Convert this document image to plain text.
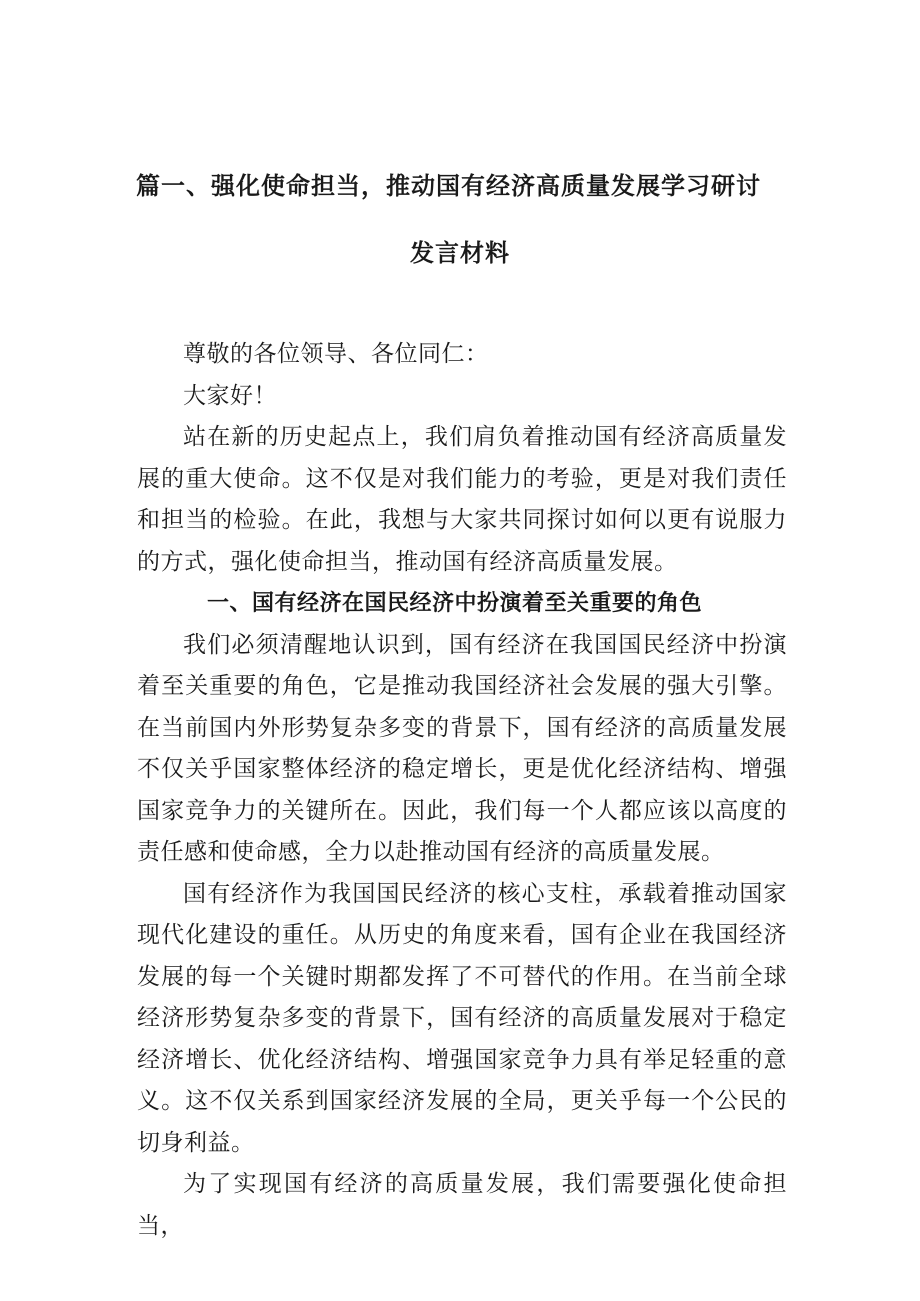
篇一、强化使命担当，推动国有经济高质量发展学习研讨
发言材料

尊敬的各位领导、各位同仁：

大家好！

站在新的历史起点上，我们肩负着推动国有经济高质量发展的重大使命。这不仅是对我们能力的考验，更是对我们责任和担当的检验。在此，我想与大家共同探讨如何以更有说服力的方式，强化使命担当，推动国有经济高质量发展。

一、国有经济在国民经济中扮演着至关重要的角色

我们必须清醒地认识到，国有经济在我国国民经济中扮演着至关重要的角色，它是推动我国经济社会发展的强大引擎。在当前国内外形势复杂多变的背景下，国有经济的高质量发展不仅关乎国家整体经济的稳定增长，更是优化经济结构、增强国家竞争力的关键所在。因此，我们每一个人都应该以高度的责任感和使命感，全力以赴推动国有经济的高质量发展。

国有经济作为我国国民经济的核心支柱，承载着推动国家现代化建设的重任。从历史的角度来看，国有企业在我国经济发展的每一个关键时期都发挥了不可替代的作用。在当前全球经济形势复杂多变的背景下，国有经济的高质量发展对于稳定经济增长、优化经济结构、增强国家竞争力具有举足轻重的意义。这不仅关系到国家经济发展的全局，更关乎每一个公民的切身利益。

为了实现国有经济的高质量发展，我们需要强化使命担当，
